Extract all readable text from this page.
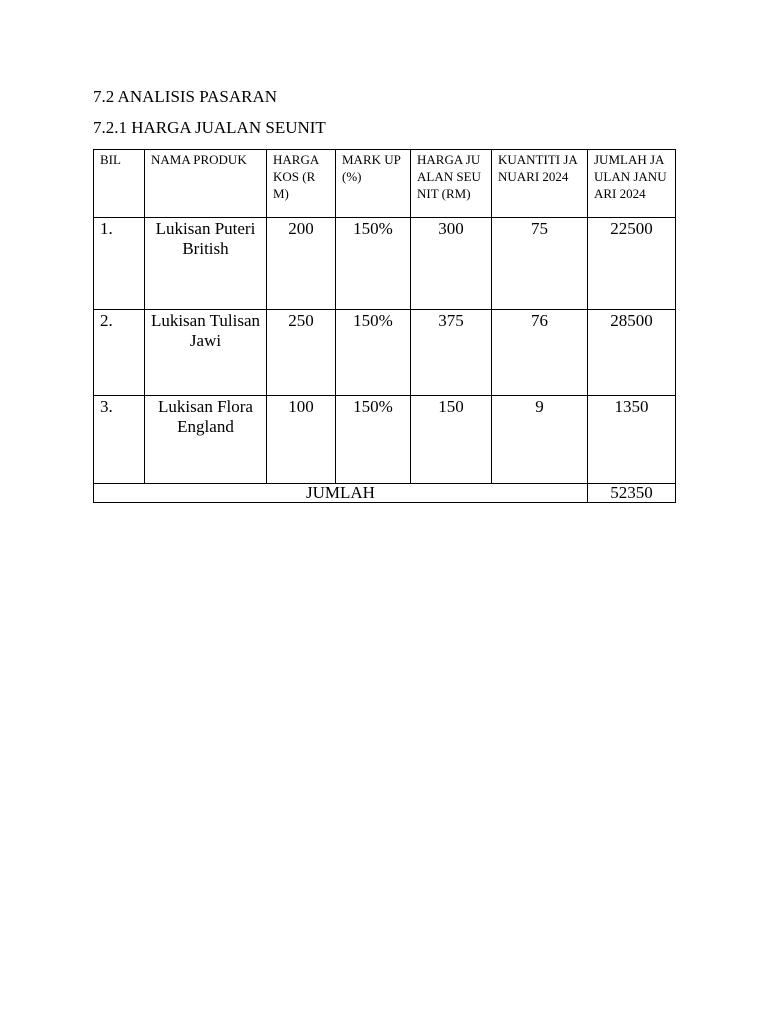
7.2 ANALISIS PASARAN
7.2.1 HARGA JUALAN SEUNIT
BIL	NAMA PRODUK	HARGA KOS (RM)	MARK UP (%)	HARGA JUALAN SEUNIT (RM)	KUANTITI JANUARI 2024	JUMLAH JAULAN JANUARI 2024
1.	Lukisan Puteri British	200	150%	300	75	22500
2.	Lukisan Tulisan Jawi	250	150%	375	76	28500
3.	Lukisan Flora England	100	150%	150	9	1350
JUMLAH						52350
